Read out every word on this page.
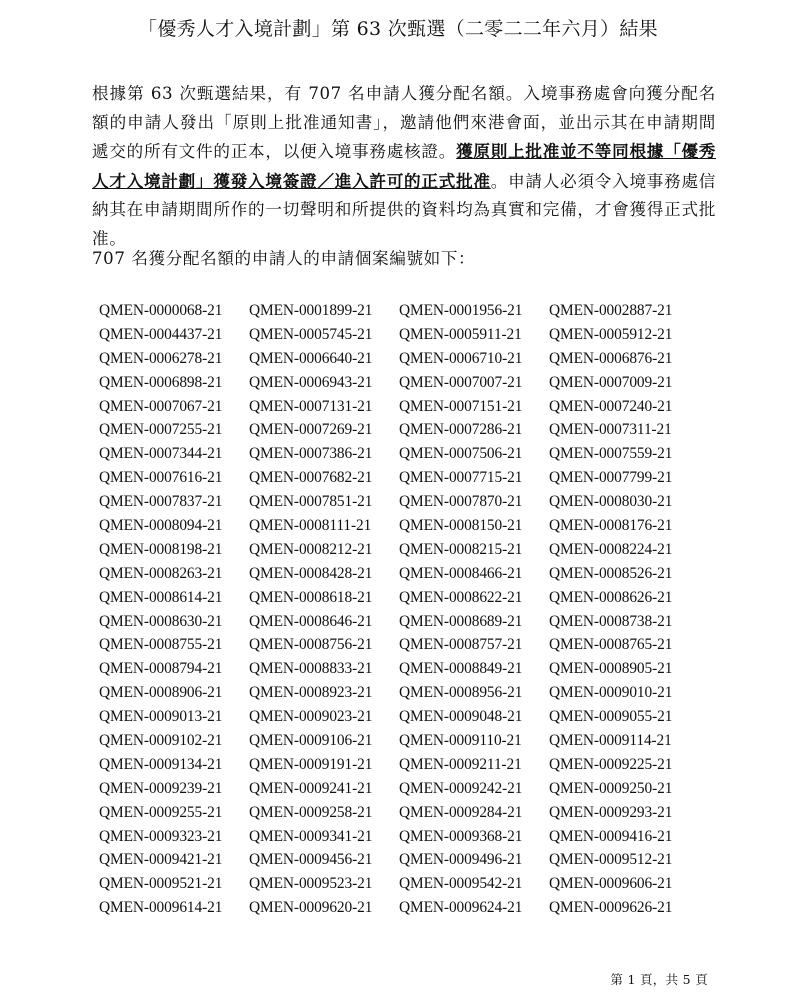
「優秀人才入境計劃」第 63 次甄選（二零二二年六月）結果
根據第 63 次甄選結果，有 707 名申請人獲分配名額。入境事務處會向獲分配名額的申請人發出「原則上批准通知書」，邀請他們來港會面，並出示其在申請期間遞交的所有文件的正本，以便入境事務處核證。獲原則上批准並不等同根據「優秀人才入境計劃」獲發入境簽證／進入許可的正式批准。申請人必須令入境事務處信納其在申請期間所作的一切聲明和所提供的資料均為真實和完備，才會獲得正式批准。
707 名獲分配名額的申請人的申請個案編號如下：
QMEN-0000068-21	QMEN-0001899-21	QMEN-0001956-21	QMEN-0002887-21
QMEN-0004437-21	QMEN-0005745-21	QMEN-0005911-21	QMEN-0005912-21
QMEN-0006278-21	QMEN-0006640-21	QMEN-0006710-21	QMEN-0006876-21
QMEN-0006898-21	QMEN-0006943-21	QMEN-0007007-21	QMEN-0007009-21
QMEN-0007067-21	QMEN-0007131-21	QMEN-0007151-21	QMEN-0007240-21
QMEN-0007255-21	QMEN-0007269-21	QMEN-0007286-21	QMEN-0007311-21
QMEN-0007344-21	QMEN-0007386-21	QMEN-0007506-21	QMEN-0007559-21
QMEN-0007616-21	QMEN-0007682-21	QMEN-0007715-21	QMEN-0007799-21
QMEN-0007837-21	QMEN-0007851-21	QMEN-0007870-21	QMEN-0008030-21
QMEN-0008094-21	QMEN-0008111-21	QMEN-0008150-21	QMEN-0008176-21
QMEN-0008198-21	QMEN-0008212-21	QMEN-0008215-21	QMEN-0008224-21
QMEN-0008263-21	QMEN-0008428-21	QMEN-0008466-21	QMEN-0008526-21
QMEN-0008614-21	QMEN-0008618-21	QMEN-0008622-21	QMEN-0008626-21
QMEN-0008630-21	QMEN-0008646-21	QMEN-0008689-21	QMEN-0008738-21
QMEN-0008755-21	QMEN-0008756-21	QMEN-0008757-21	QMEN-0008765-21
QMEN-0008794-21	QMEN-0008833-21	QMEN-0008849-21	QMEN-0008905-21
QMEN-0008906-21	QMEN-0008923-21	QMEN-0008956-21	QMEN-0009010-21
QMEN-0009013-21	QMEN-0009023-21	QMEN-0009048-21	QMEN-0009055-21
QMEN-0009102-21	QMEN-0009106-21	QMEN-0009110-21	QMEN-0009114-21
QMEN-0009134-21	QMEN-0009191-21	QMEN-0009211-21	QMEN-0009225-21
QMEN-0009239-21	QMEN-0009241-21	QMEN-0009242-21	QMEN-0009250-21
QMEN-0009255-21	QMEN-0009258-21	QMEN-0009284-21	QMEN-0009293-21
QMEN-0009323-21	QMEN-0009341-21	QMEN-0009368-21	QMEN-0009416-21
QMEN-0009421-21	QMEN-0009456-21	QMEN-0009496-21	QMEN-0009512-21
QMEN-0009521-21	QMEN-0009523-21	QMEN-0009542-21	QMEN-0009606-21
QMEN-0009614-21	QMEN-0009620-21	QMEN-0009624-21	QMEN-0009626-21
第 1 頁，共 5 頁
